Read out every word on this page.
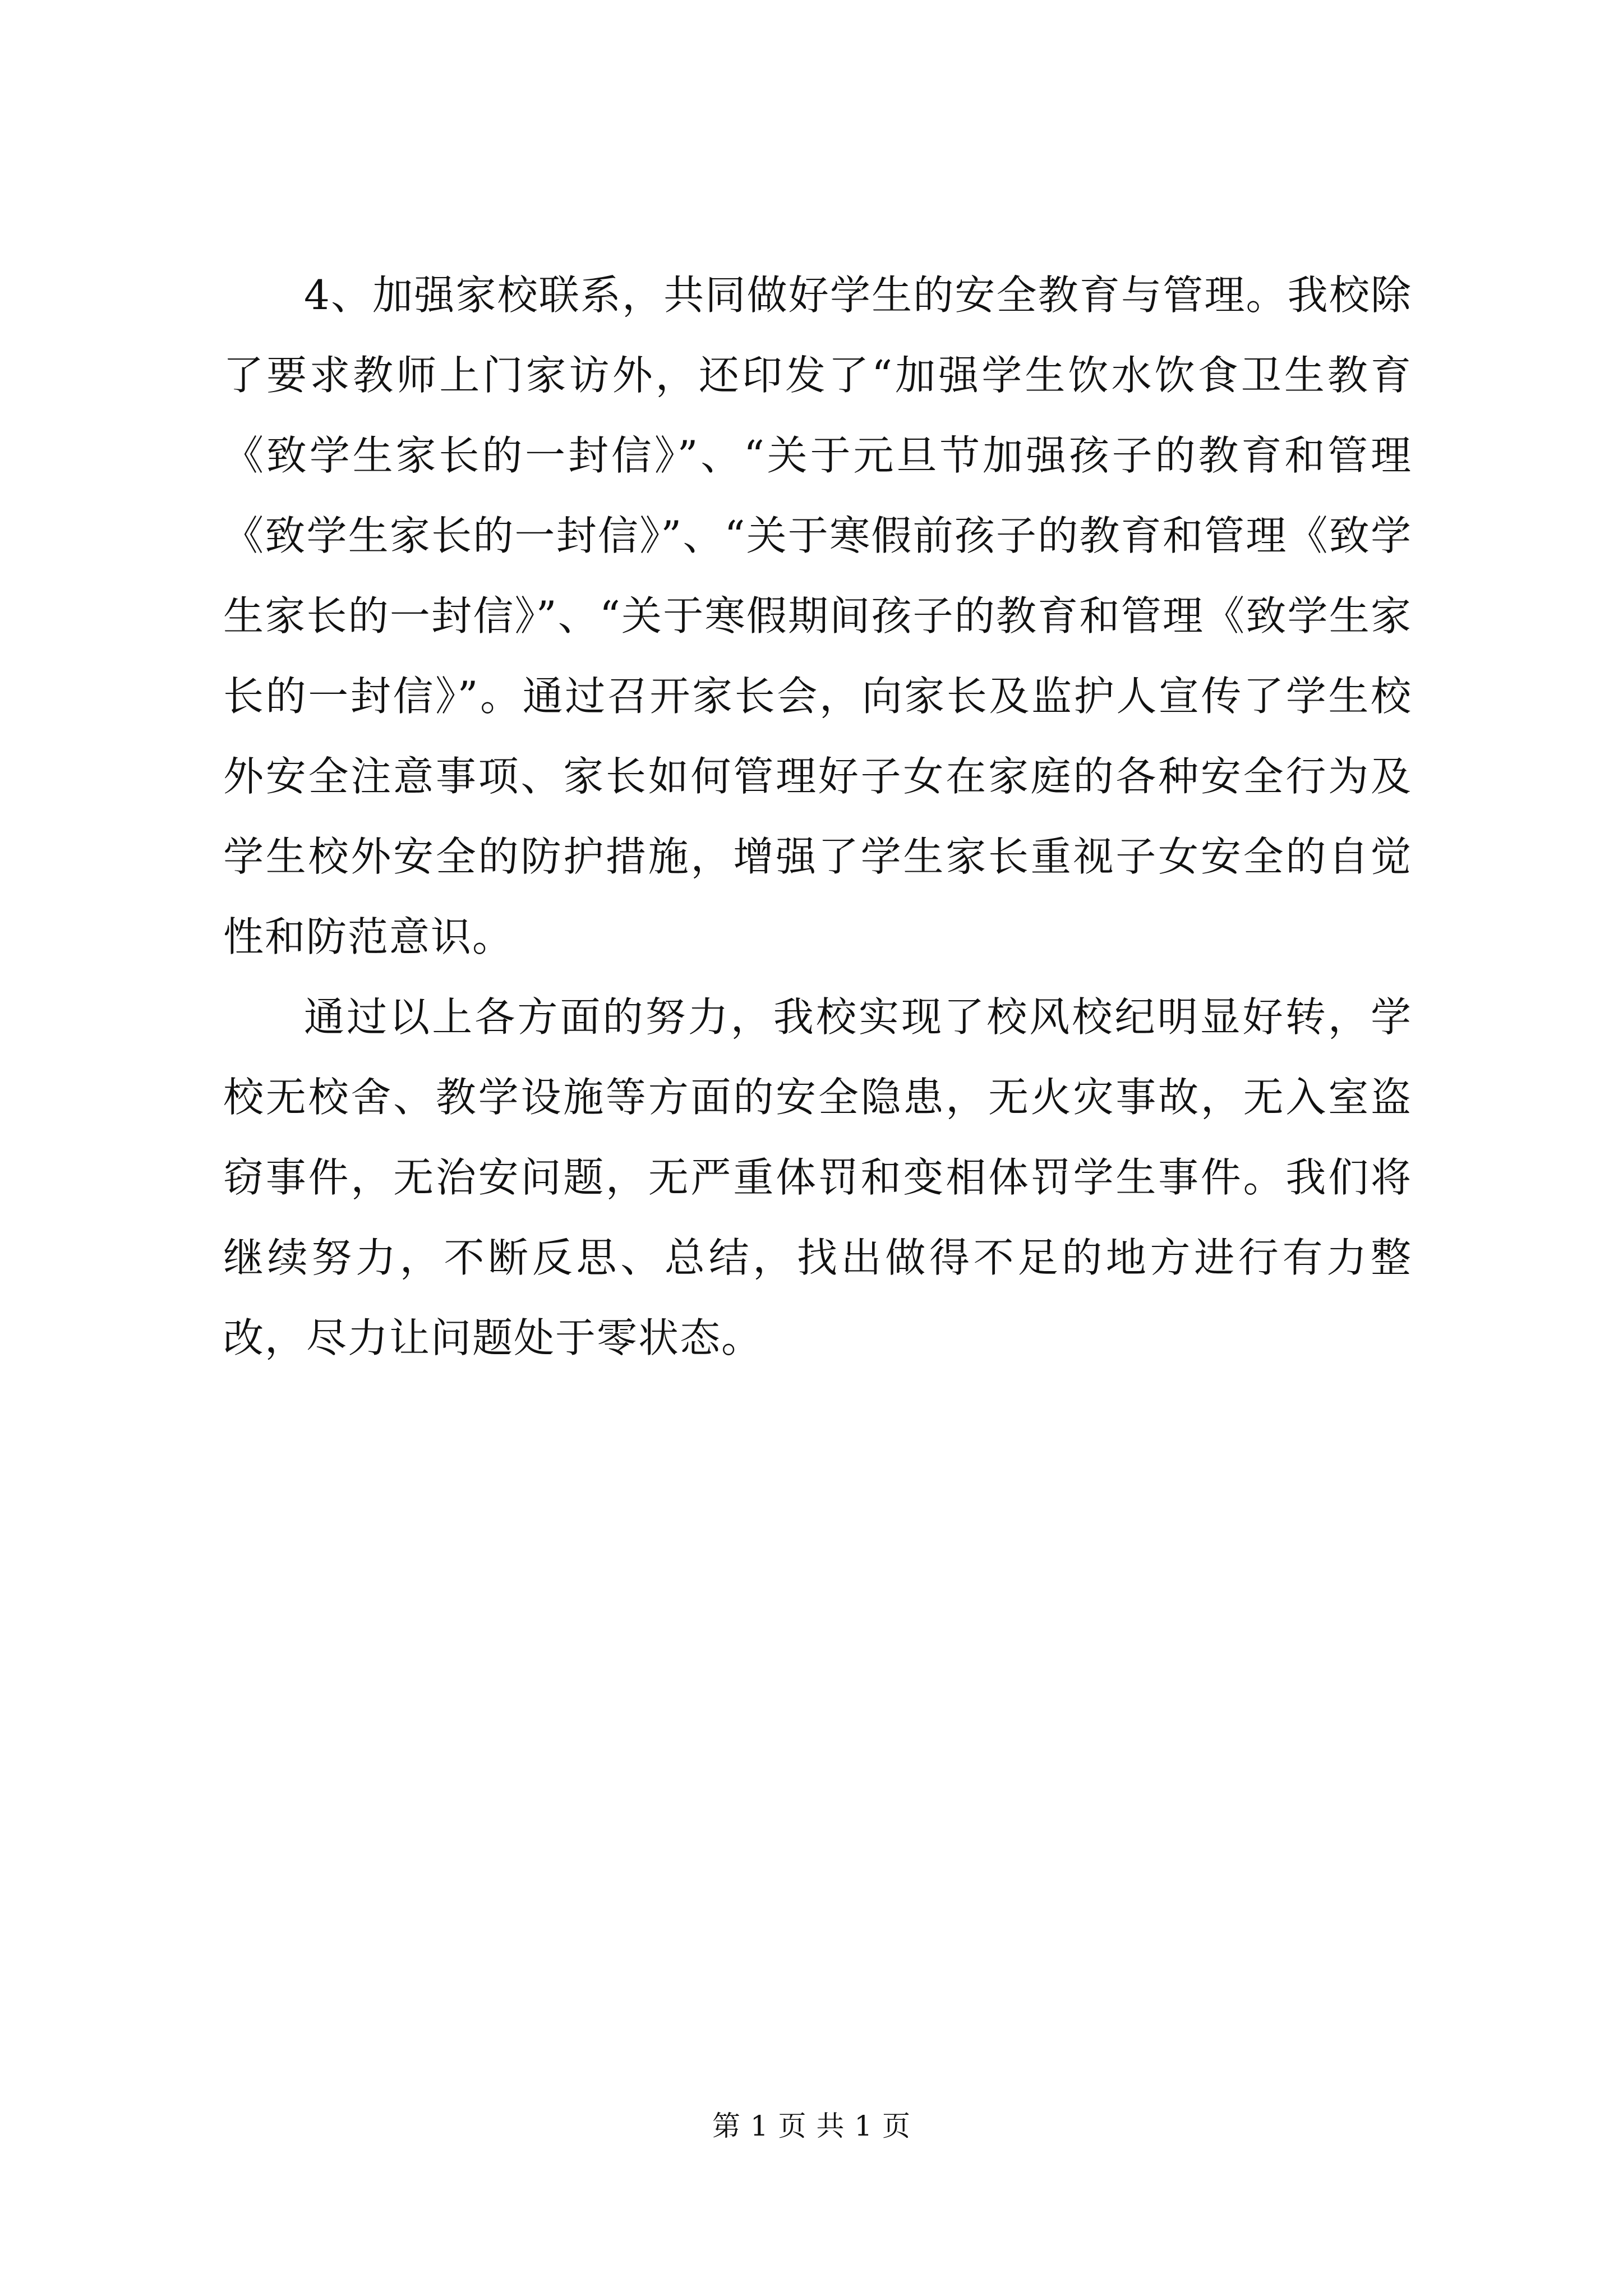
4、加强家校联系，共同做好学生的安全教育与管理。我校除了要求教师上门家访外，还印发了“加强学生饮水饮食卫生教育《致学生家长的一封信》”、“关于元旦节加强孩子的教育和管理《致学生家长的一封信》”、“关于寒假前孩子的教育和管理《致学生家长的一封信》”、“关于寒假期间孩子的教育和管理《致学生家长的一封信》”。通过召开家长会，向家长及监护人宣传了学生校外安全注意事项、家长如何管理好子女在家庭的各种安全行为及学生校外安全的防护措施，增强了学生家长重视子女安全的自觉性和防范意识。

通过以上各方面的努力，我校实现了校风校纪明显好转，学校无校舍、教学设施等方面的安全隐患，无火灾事故，无入室盗窃事件，无治安问题，无严重体罚和变相体罚学生事件。我们将继续努力，不断反思、总结，找出做得不足的地方进行有力整改，尽力让问题处于零状态。

第 1 页 共 1 页
